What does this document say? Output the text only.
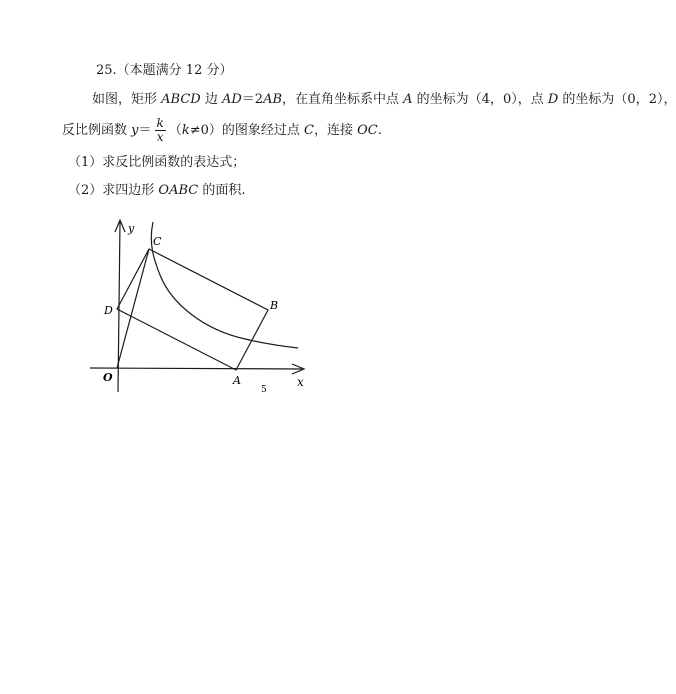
25.（本题满分 12 分）
如图，矩形 ABCD 边 AD＝2AB，在直角坐标系中点 A 的坐标为（4，0），点 D 的坐标为（0，2），
反比例函数 $y= \frac{k}{x} (k\ne 0)$的图象经过点 C，连接 OC.
（1）求反比例函数的表达式；
（2）求四边形 OABC 的面积.
y
x
O	A
B
C
D
5
